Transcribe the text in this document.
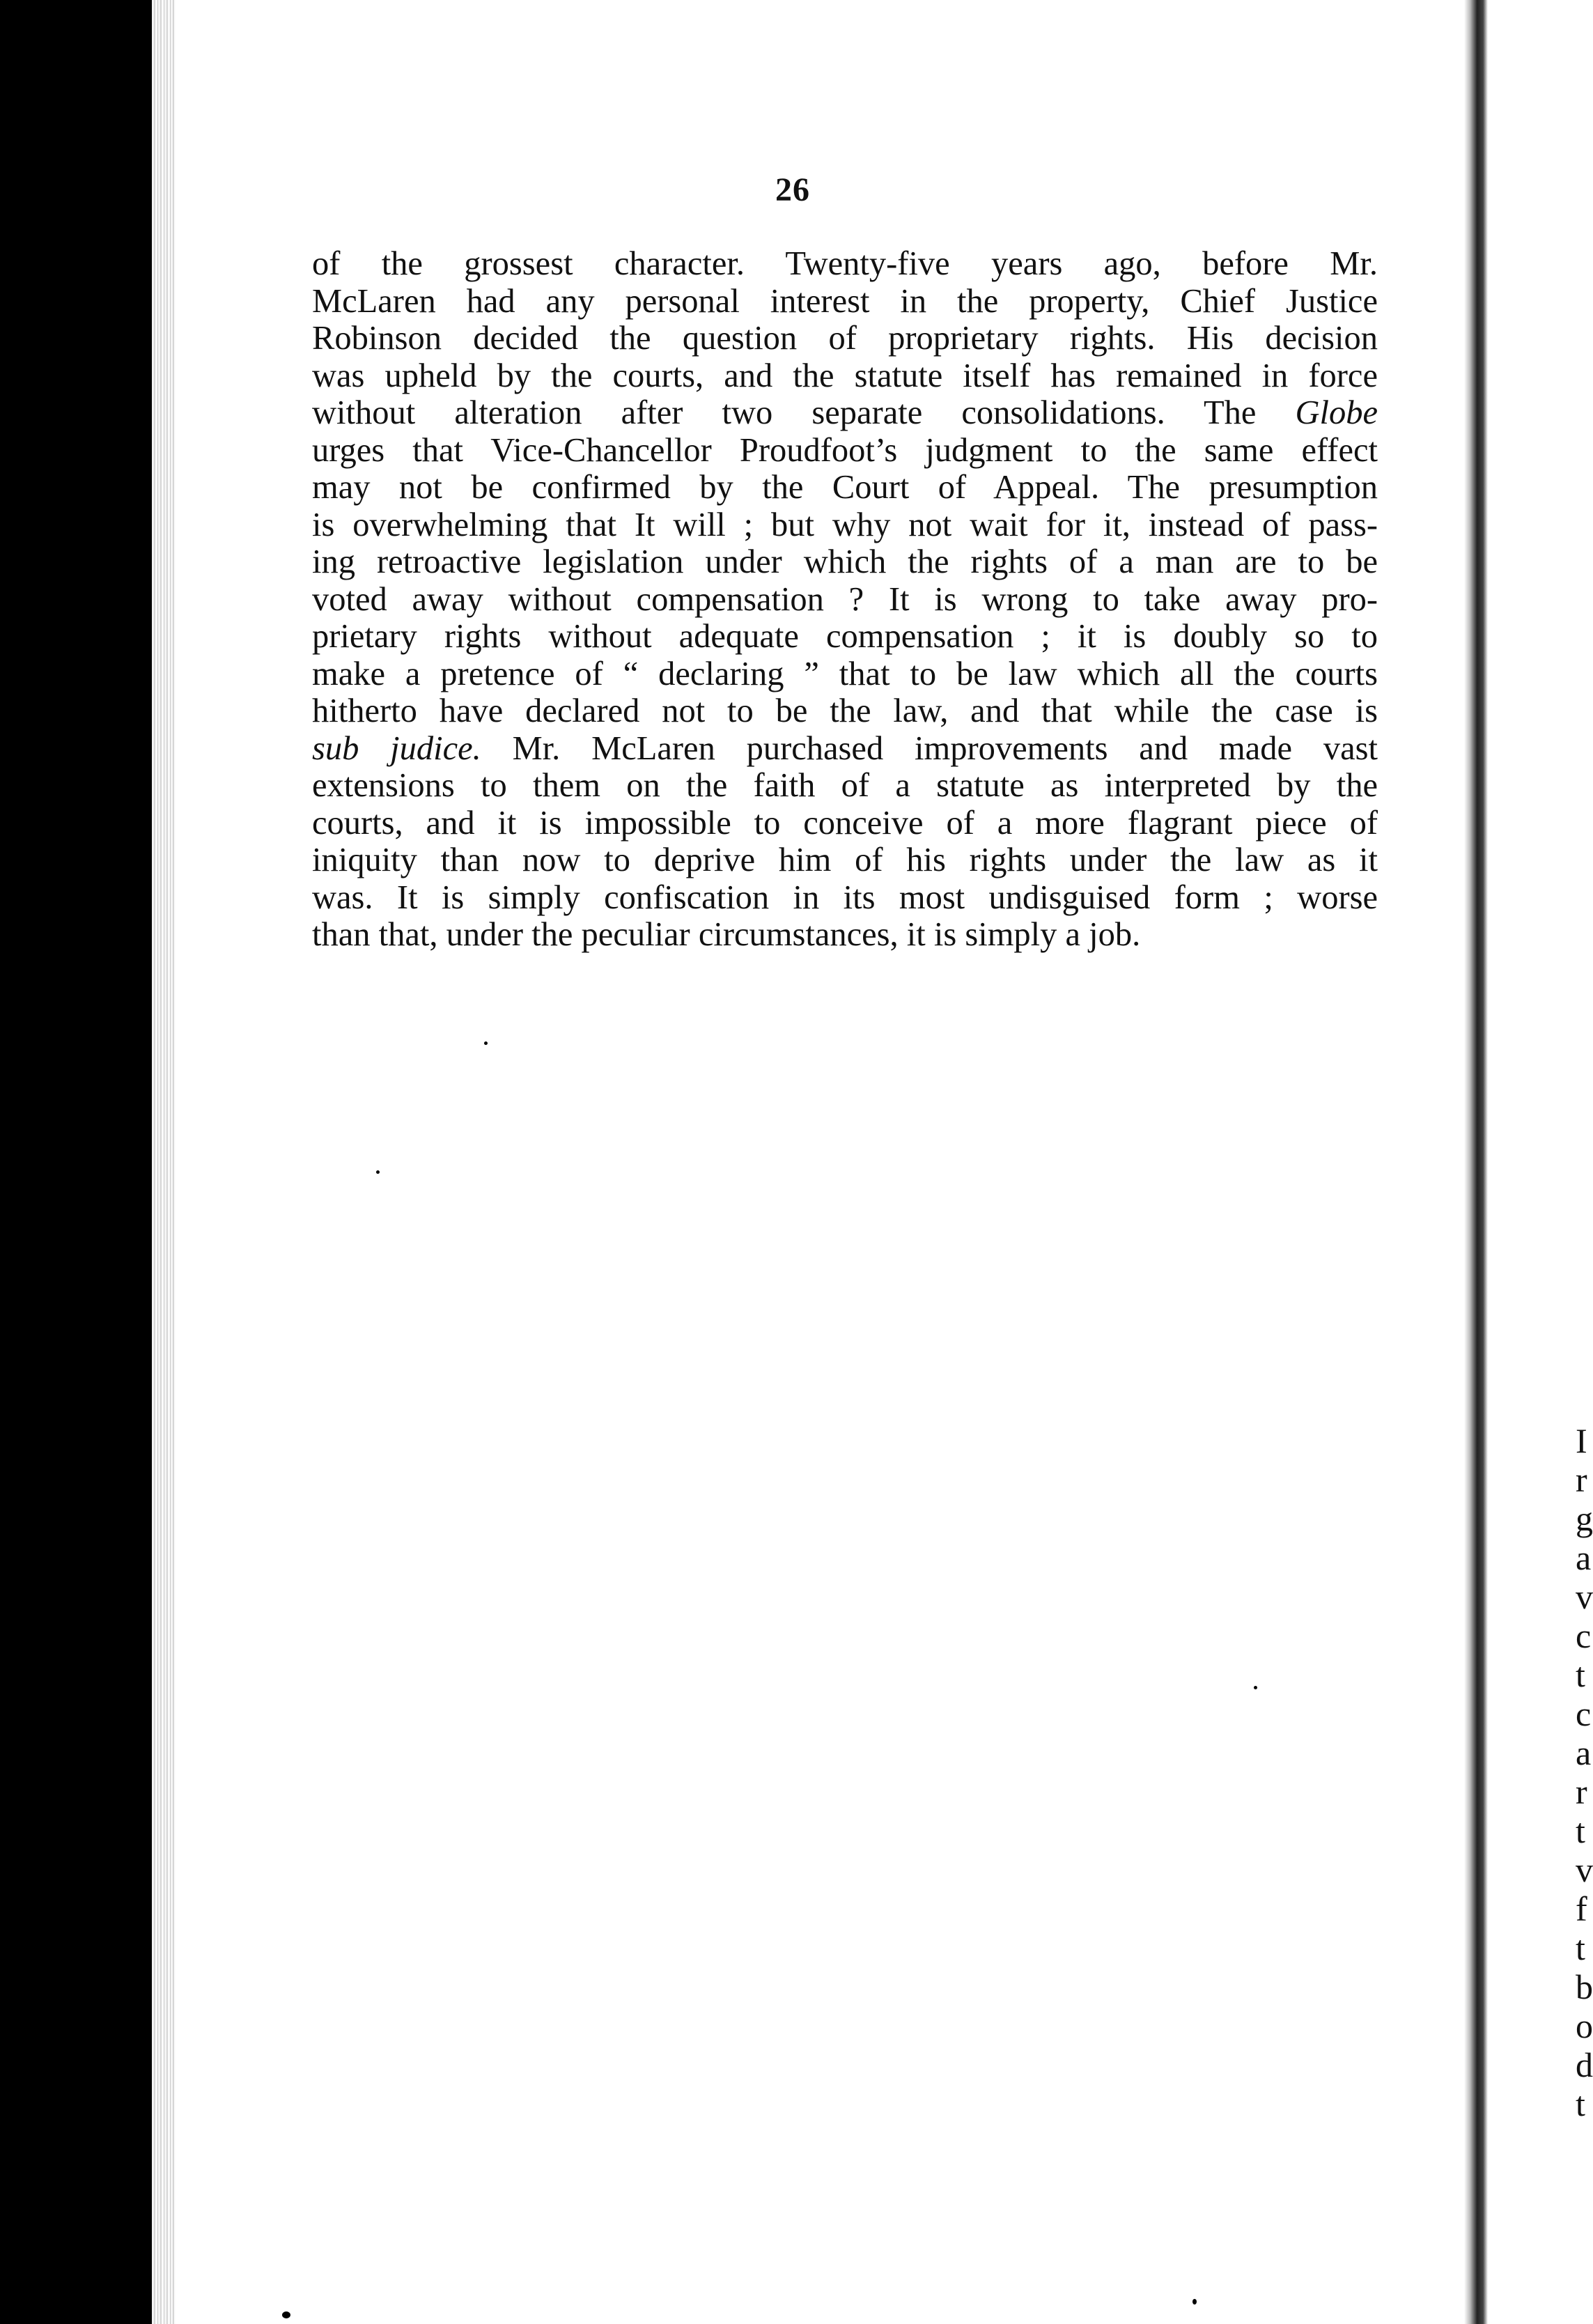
I
r
g
a
v
c
t
c
a
r
t
v
f
t
b
o
d
t
26
of the grossest character. Twenty-five years ago, before Mr.
McLaren had any personal interest in the property, Chief Justice
Robinson decided the question of proprietary rights. His decision
was upheld by the courts, and the statute itself has remained in force
without alteration after two separate consolidations. The Globe
urges that Vice-Chancellor Proudfoot’s judgment to the same effect
may not be confirmed by the Court of Appeal. The presumption
is overwhelming that It will ; but why not wait for it, instead of pass-
ing retroactive legislation under which the rights of a man are to be
voted away without compensation ? It is wrong to take away pro-
prietary rights without adequate compensation ; it is doubly so to
make a pretence of “ declaring ” that to be law which all the courts
hitherto have declared not to be the law, and that while the case is
sub judice. Mr. McLaren purchased improvements and made vast
extensions to them on the faith of a statute as interpreted by the
courts, and it is impossible to conceive of a more flagrant piece of
iniquity than now to deprive him of his rights under the law as it
was. It is simply confiscation in its most undisguised form ; worse
than that, under the peculiar circumstances, it is simply a job.
